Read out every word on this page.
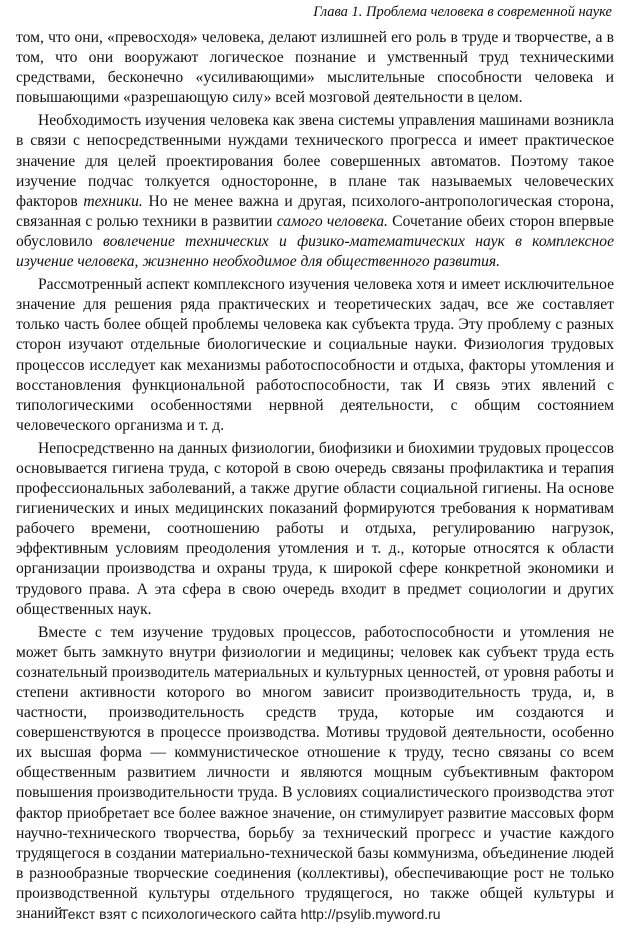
Глава 1. Проблема человека в современной науке

том, что они, «превосходя» человека, делают излишней его роль в труде и творчестве, а в том, что они вооружают логическое познание и умственный труд техническими средствами, бесконечно «усиливающими» мыслительные способности человека и повышающими «разрешающую силу» всей мозговой деятельности в целом.

Необходимость изучения человека как звена системы управления машинами возникла в связи с непосредственными нуждами технического прогресса и имеет практическое значение для целей проектирования более совершенных автоматов. Поэтому такое изучение подчас толкуется односторонне, в плане так называемых человеческих факторов техники. Но не менее важна и другая, психолого-антропологическая сторона, связанная с ролью техники в развитии самого человека. Сочетание обеих сторон впервые обусловило вовлечение технических и физико-математических наук в комплексное изучение человека, жизненно необходимое для общественного развития.

Рассмотренный аспект комплексного изучения человека хотя и имеет исключительное значение для решения ряда практических и теоретических задач, все же составляет только часть более общей проблемы человека как субъекта труда. Эту проблему с разных сторон изучают отдельные биологические и социальные науки. Физиология трудовых процессов исследует как механизмы работоспособности и отдыха, факторы утомления и восстановления функциональной работоспособности, так И связь этих явлений с типологическими особенностями нервной деятельности, с общим состоянием человеческого организма и т. д.

Непосредственно на данных физиологии, биофизики и биохимии трудовых процессов основывается гигиена труда, с которой в свою очередь связаны профилактика и терапия профессиональных заболеваний, а также другие области социальной гигиены. На основе гигиенических и иных медицинских показаний формируются требования к нормативам рабочего времени, соотношению работы и отдыха, регулированию нагрузок, эффективным условиям преодоления утомления и т. д., которые относятся к области организации производства и охраны труда, к широкой сфере конкретной экономики и трудового права. А эта сфера в свою очередь входит в предмет социологии и других общественных наук.

Вместе с тем изучение трудовых процессов, работоспособности и утомления не может быть замкнуто внутри физиологии и медицины; человек как субъект труда есть сознательный производитель материальных и культурных ценностей, от уровня работы и степени активности которого во многом зависит производительность труда, и, в частности, производительность средств труда, которые им создаются и совершенствуются в процессе производства. Мотивы трудовой деятельности, особенно их высшая форма — коммунистическое отношение к труду, тесно связаны со всем общественным развитием личности и являются мощным субъективным фактором повышения производительности труда. В условиях социалистического производства этот фактор приобретает все более важное значение, он стимулирует развитие массовых форм научно-технического творчества, борьбу за технический прогресс и участие каждого трудящегося в создании материально-технической базы коммунизма, объединение людей в разнообразные творческие соединения (коллективы), обеспечивающие рост не только производственной культуры отдельного трудящегося, но также общей культуры и знаний.

Текст взят с психологического сайта http://psylib.myword.ru
